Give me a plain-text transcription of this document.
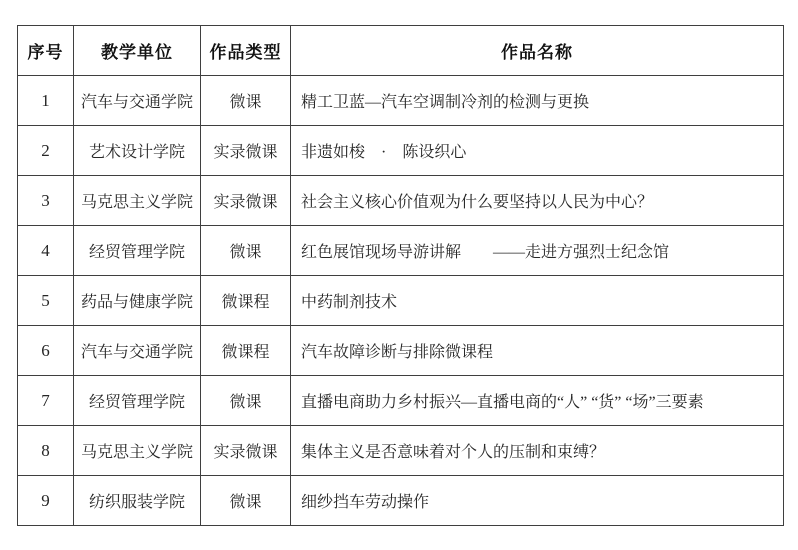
序号	教学单位	作品类型	作品名称
1	汽车与交通学院	微课	精工卫蓝—汽车空调制冷剂的检测与更换
2	艺术设计学院	实录微课	非遗如梭　·　陈设织心
3	马克思主义学院	实录微课	社会主义核心价值观为什么要坚持以人民为中心？
4	经贸管理学院	微课	红色展馆现场导游讲解　　——走进方强烈士纪念馆
5	药品与健康学院	微课程	中药制剂技术
6	汽车与交通学院	微课程	汽车故障诊断与排除微课程
7	经贸管理学院	微课	直播电商助力乡村振兴—直播电商的“人” “货” “场”三要素
8	马克思主义学院	实录微课	集体主义是否意味着对个人的压制和束缚？
9	纺织服装学院	微课	细纱挡车劳动操作
